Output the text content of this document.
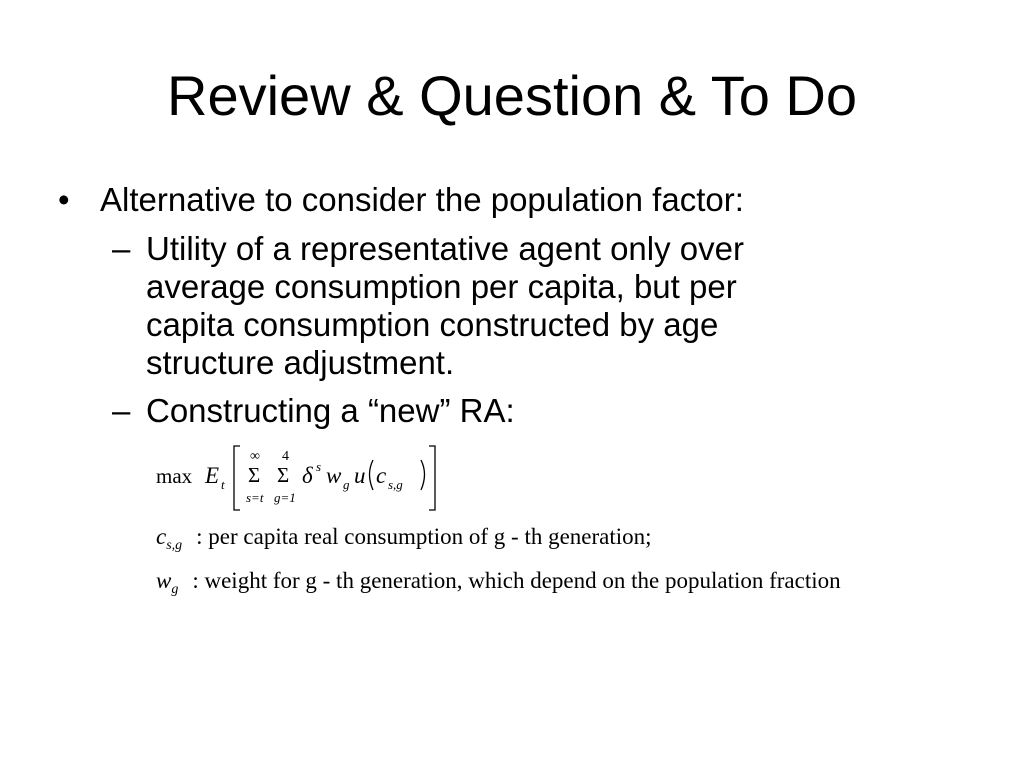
Review & Question & To Do
• Alternative to consider the population factor:
– Utility of a representative agent only over
average consumption per capita, but per
capita consumption constructed by age
structure adjustment.
– Constructing a “new” RA:
max E t
∞
Σ
s=t
4
Σ
g=1
δ s w g u c s,g
$c_{s,g}$ : per capita real consumption of g - th generation;
$w_g$ : weight for g - th generation, which depend on the population fraction
